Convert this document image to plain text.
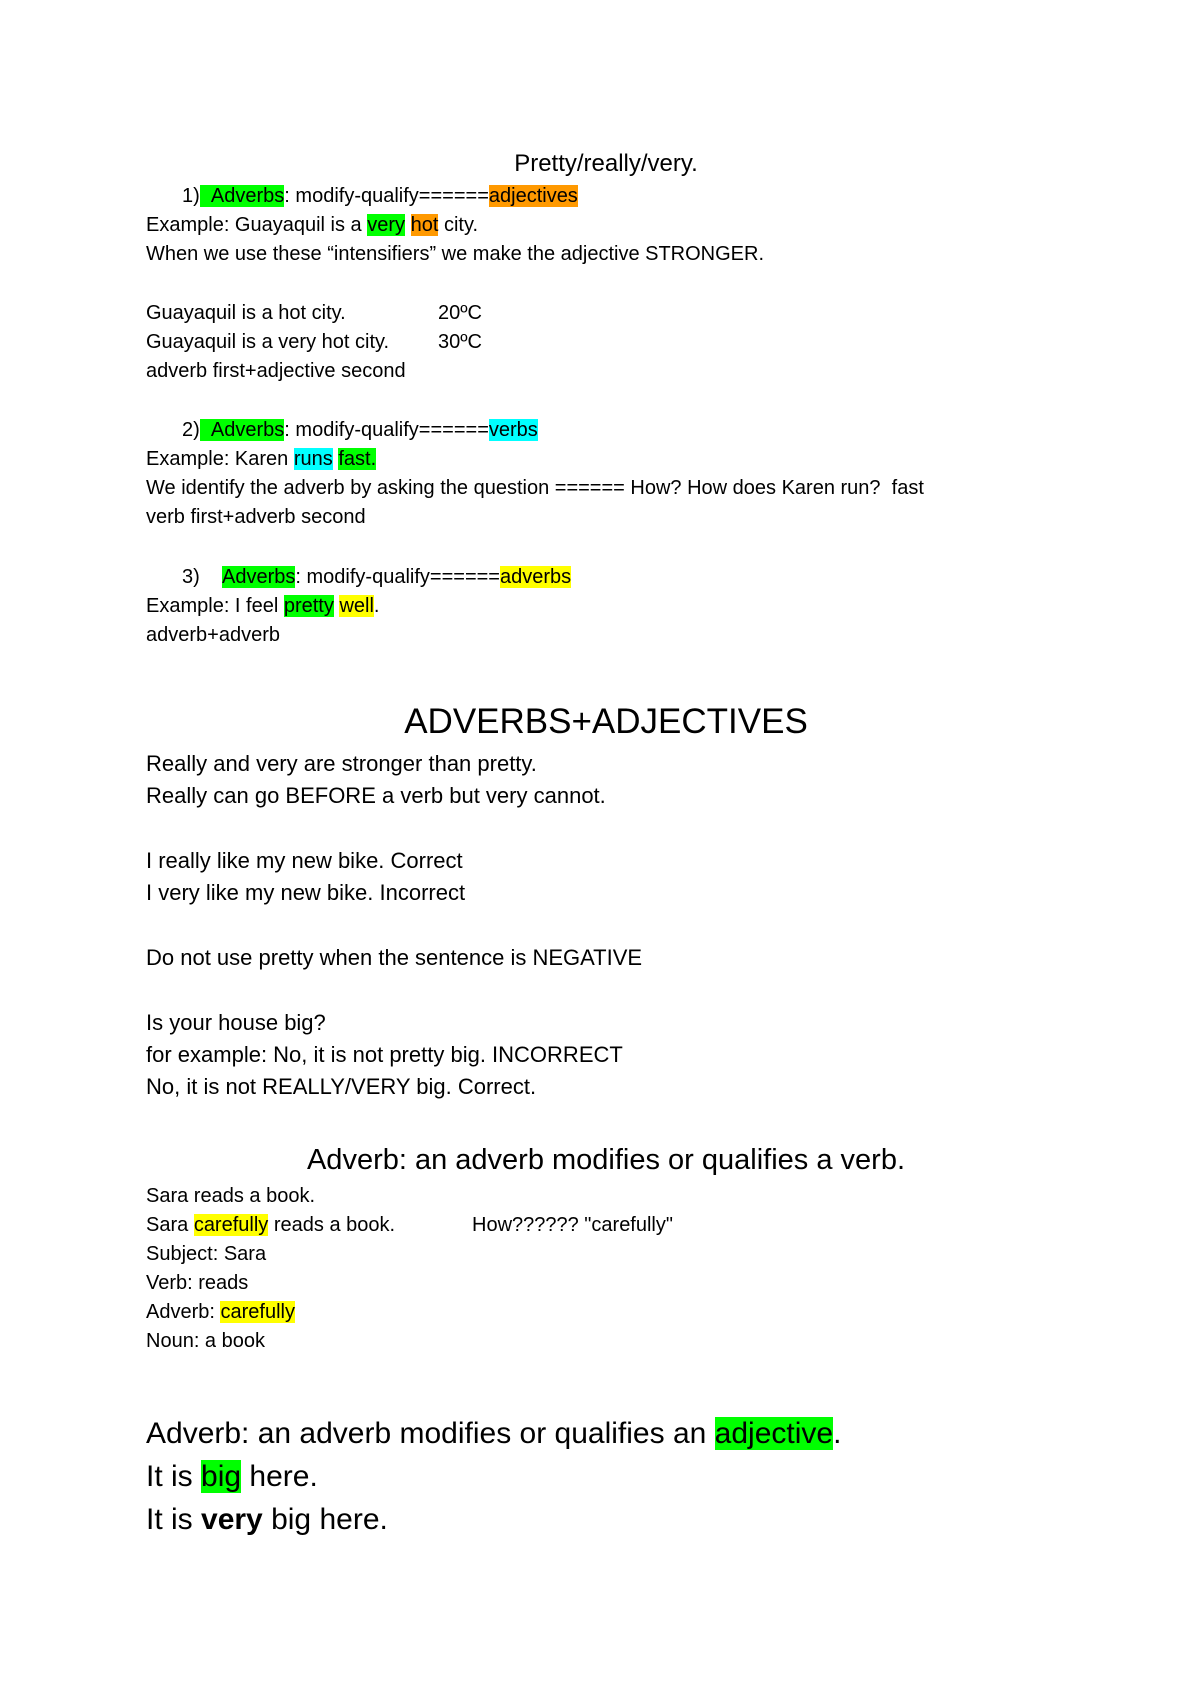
Pretty/really/very.
1) Adverbs: modify-qualify======adjectives
Example: Guayaquil is a very hot city.
When we use these “intensifiers” we make the adjective STRONGER.
Guayaquil is a hot city.	20ºC
Guayaquil is a very hot city. 30ºC
adverb first+adjective second
2) Adverbs: modify-qualify======verbs
Example: Karen runs fast.
We identify the adverb by asking the question ====== How? How does Karen run?  fast
verb first+adverb second
3) Adverbs: modify-qualify======adverbs
Example: I feel pretty well.
adverb+adverb
ADVERBS+ADJECTIVES
Really and very are stronger than pretty.
Really can go BEFORE a verb but very cannot.
I really like my new bike. Correct
I very like my new bike. Incorrect
Do not use pretty when the sentence is NEGATIVE
Is your house big?
for example: No, it is not pretty big. INCORRECT
No, it is not REALLY/VERY big. Correct.
Adverb: an adverb modifies or qualifies a verb.
Sara reads a book.
Sara carefully reads a book.	How?????? "carefully"
Subject: Sara
Verb: reads
Adverb: carefully
Noun: a book
Adverb: an adverb modifies or qualifies an adjective.
It is big here.
It is very big here.
